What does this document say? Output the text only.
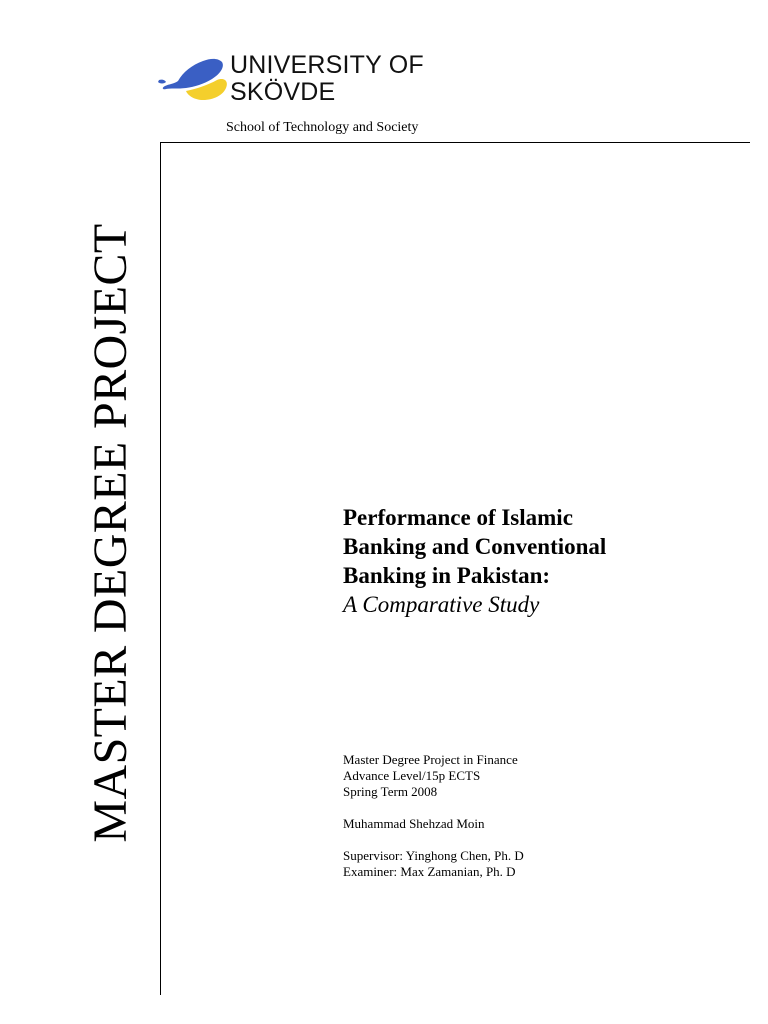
UNIVERSITY OF
SKÖVDE
School of Technology and Society
MASTER DEGREE PROJECT	Performance of Islamic
Banking and Conventional
Banking in Pakistan:
A Comparative Study
Master Degree Project in Finance
Advance Level/15p ECTS
Spring Term 2008
Muhammad Shehzad Moin
Supervisor: Yinghong Chen, Ph. D
Examiner: Max Zamanian, Ph. D
